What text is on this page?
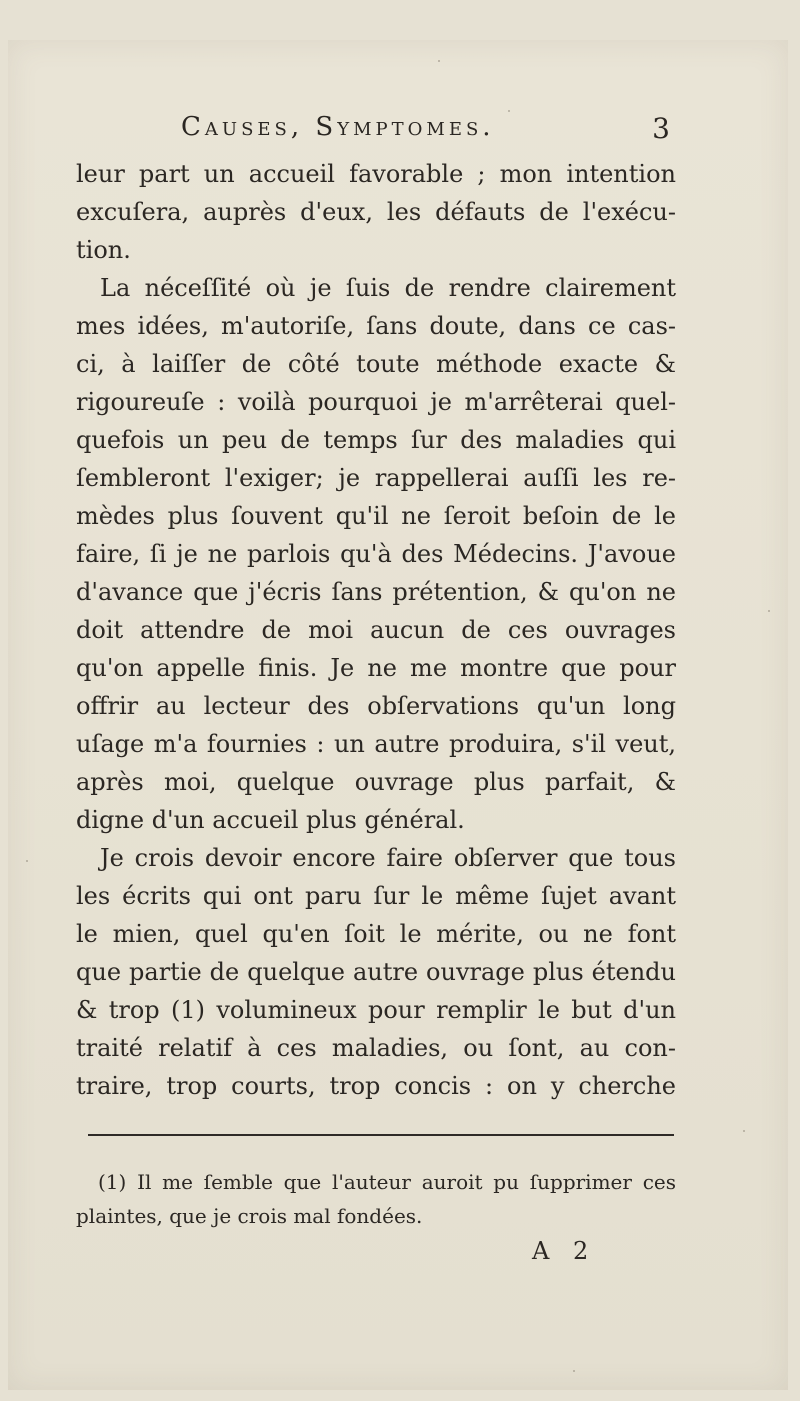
Causes, Symptomes.	3
leur part un accueil favorable ; mon intention
excuſera, auprès d'eux, les défauts de l'exécu-
tion.
La néceſſité où je ſuis de rendre clairement
mes idées, m'autoriſe, ſans doute, dans ce cas-
ci, à laiſſer de côté toute méthode exacte &
rigoureuſe : voilà pourquoi je m'arrêterai quel-
quefois un peu de temps ſur des maladies qui
ſembleront l'exiger; je rappellerai auſſi les re-
mèdes plus ſouvent qu'il ne ſeroit beſoin de le
faire, ſi je ne parlois qu'à des Médecins. J'avoue
d'avance que j'écris ſans prétention, & qu'on ne
doit attendre de moi aucun de ces ouvrages
qu'on appelle finis. Je ne me montre que pour
offrir au lecteur des obſervations qu'un long
uſage m'a fournies : un autre produira, s'il veut,
après moi, quelque ouvrage plus parfait, &
digne d'un accueil plus général.
Je crois devoir encore faire obſerver que tous
les écrits qui ont paru ſur le même ſujet avant
le mien, quel qu'en ſoit le mérite, ou ne font
que partie de quelque autre ouvrage plus étendu
& trop (1) volumineux pour remplir le but d'un
traité relatif à ces maladies, ou ſont, au con-
traire, trop courts, trop concis : on y cherche
(1) Il me ſemble que l'auteur auroit pu ſupprimer ces
plaintes, que je crois mal fondées.
A 2
